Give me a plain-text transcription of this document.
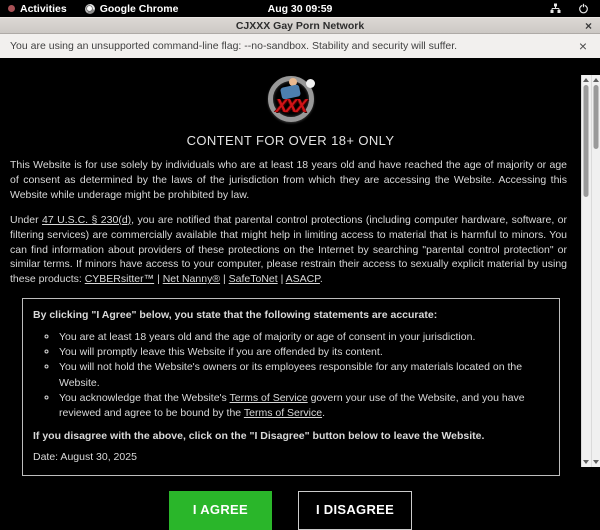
Activities	Google Chrome	Aug 30 09:59
CJXXX Gay Porn Network	×
You are using an unsupported command-line flag: --no-sandbox. Stability and security will suffer.	×
XXX
CONTENT FOR OVER 18+ ONLY

This Website is for use solely by individuals who are at least 18 years old and have reached the age of majority or age of consent as determined by the laws of the jurisdiction from which they are accessing the Website. Accessing this Website while underage might be prohibited by law.

Under 47 U.S.C. § 230(d), you are notified that parental control protections (including computer hardware, software, or filtering services) are commercially available that might help in limiting access to material that is harmful to minors. You can find information about providers of these protections on the Internet by searching "parental control protection" or similar terms. If minors have access to your computer, please restrain their access to sexually explicit material by using these products: CYBERsitter™ | Net Nanny® | SafeToNet | ASACP.

By clicking "I Agree" below, you state that the following statements are accurate:

◦ You are at least 18 years old and the age of majority or age of consent in your jurisdiction.
◦ You will promptly leave this Website if you are offended by its content.
◦ You will not hold the Website's owners or its employees responsible for any materials located on the Website.
◦ You acknowledge that the Website's Terms of Service govern your use of the Website, and you have reviewed and agree to be bound by the Terms of Service.

If you disagree with the above, click on the "I Disagree" button below to leave the Website.

Date: August 30, 2025

I AGREE	I DISAGREE
